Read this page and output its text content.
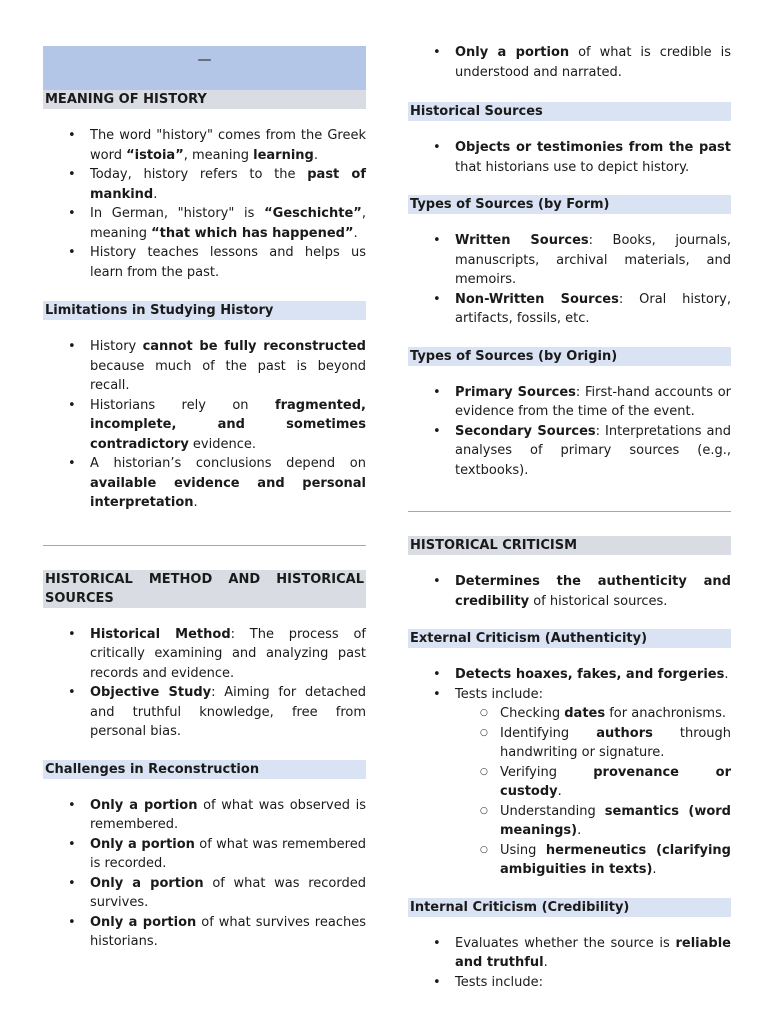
—
MEANING OF HISTORY
• The word "history" comes from the Greek word “istoia”, meaning learning.
• Today, history refers to the past of mankind.
• In German, "history" is “Geschichte”, meaning “that which has happened”.
• History teaches lessons and helps us learn from the past.
Limitations in Studying History
• History cannot be fully reconstructed because much of the past is beyond recall.
• Historians rely on fragmented, incomplete, and sometimes contradictory evidence.
• A historian’s conclusions depend on available evidence and personal interpretation.
HISTORICAL METHOD AND HISTORICAL SOURCES
• Historical Method: The process of critically examining and analyzing past records and evidence.
• Objective Study: Aiming for detached and truthful knowledge, free from personal bias.
Challenges in Reconstruction
• Only a portion of what was observed is remembered.
• Only a portion of what was remembered is recorded.
• Only a portion of what was recorded survives.
• Only a portion of what survives reaches historians.
• Only a portion of what is credible is understood and narrated.
Historical Sources
• Objects or testimonies from the past that historians use to depict history.
Types of Sources (by Form)
• Written Sources: Books, journals, manuscripts, archival materials, and memoirs.
• Non-Written Sources: Oral history, artifacts, fossils, etc.
Types of Sources (by Origin)
• Primary Sources: First-hand accounts or evidence from the time of the event.
• Secondary Sources: Interpretations and analyses of primary sources (e.g., textbooks).
HISTORICAL CRITICISM
• Determines the authenticity and credibility of historical sources.
External Criticism (Authenticity)
• Detects hoaxes, fakes, and forgeries.
• Tests include:
○ Checking dates for anachronisms.
○ Identifying authors through handwriting or signature.
○ Verifying provenance or custody.
○ Understanding semantics (word meanings).
○ Using hermeneutics (clarifying ambiguities in texts).
Internal Criticism (Credibility)
• Evaluates whether the source is reliable and truthful.
• Tests include:
